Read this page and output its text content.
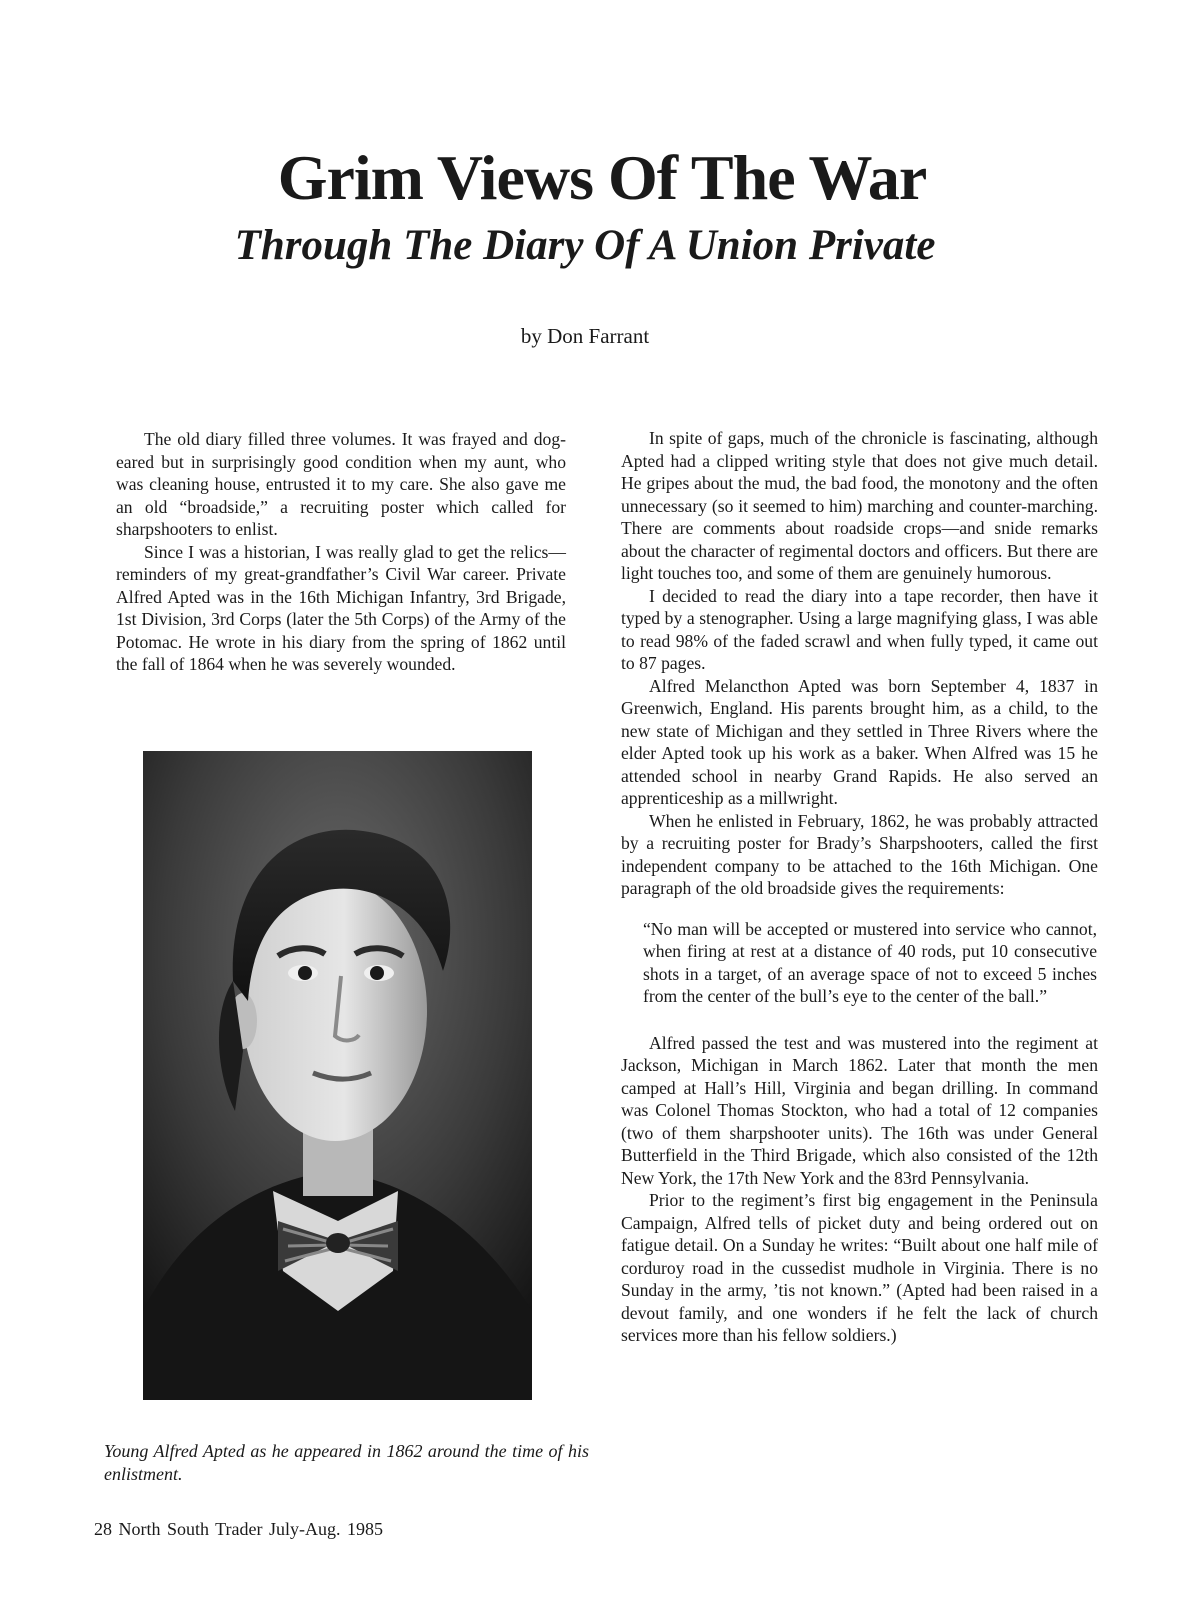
Grim Views Of The War
Through The Diary Of A Union Private
by Don Farrant

The old diary filled three volumes. It was frayed and dog-eared but in surprisingly good condition when my aunt, who was cleaning house, entrusted it to my care. She also gave me an old “broadside,” a recruiting poster which called for sharpshooters to enlist.

Since I was a historian, I was really glad to get the relics—reminders of my great-grandfather’s Civil War career. Private Alfred Apted was in the 16th Michigan Infantry, 3rd Brigade, 1st Division, 3rd Corps (later the 5th Corps) of the Army of the Potomac. He wrote in his diary from the spring of 1862 until the fall of 1864 when he was severely wounded.

Young Alfred Apted as he appeared in 1862 around the time of his enlistment.

In spite of gaps, much of the chronicle is fascinating, although Apted had a clipped writing style that does not give much detail. He gripes about the mud, the bad food, the monotony and the often unnecessary (so it seemed to him) marching and counter-marching. There are comments about roadside crops—and snide remarks about the character of regimental doctors and officers. But there are light touches too, and some of them are genuinely humorous.

I decided to read the diary into a tape recorder, then have it typed by a stenographer. Using a large magnifying glass, I was able to read 98% of the faded scrawl and when fully typed, it came out to 87 pages.

Alfred Melancthon Apted was born September 4, 1837 in Greenwich, England. His parents brought him, as a child, to the new state of Michigan and they settled in Three Rivers where the elder Apted took up his work as a baker. When Alfred was 15 he attended school in nearby Grand Rapids. He also served an apprenticeship as a millwright.

When he enlisted in February, 1862, he was probably attracted by a recruiting poster for Brady’s Sharpshooters, called the first independent company to be attached to the 16th Michigan. One paragraph of the old broadside gives the requirements:

“No man will be accepted or mustered into service who cannot, when firing at rest at a distance of 40 rods, put 10 consecutive shots in a target, of an average space of not to exceed 5 inches from the center of the bull’s eye to the center of the ball.”

Alfred passed the test and was mustered into the regiment at Jackson, Michigan in March 1862. Later that month the men camped at Hall’s Hill, Virginia and began drilling. In command was Colonel Thomas Stockton, who had a total of 12 companies (two of them sharpshooter units). The 16th was under General Butterfield in the Third Brigade, which also consisted of the 12th New York, the 17th New York and the 83rd Pennsylvania.

Prior to the regiment’s first big engagement in the Peninsula Campaign, Alfred tells of picket duty and being ordered out on fatigue detail. On a Sunday he writes: “Built about one half mile of corduroy road in the cussedist mudhole in Virginia. There is no Sunday in the army, ’tis not known.” (Apted had been raised in a devout family, and one wonders if he felt the lack of church services more than his fellow soldiers.)

28 North South Trader July-Aug. 1985
